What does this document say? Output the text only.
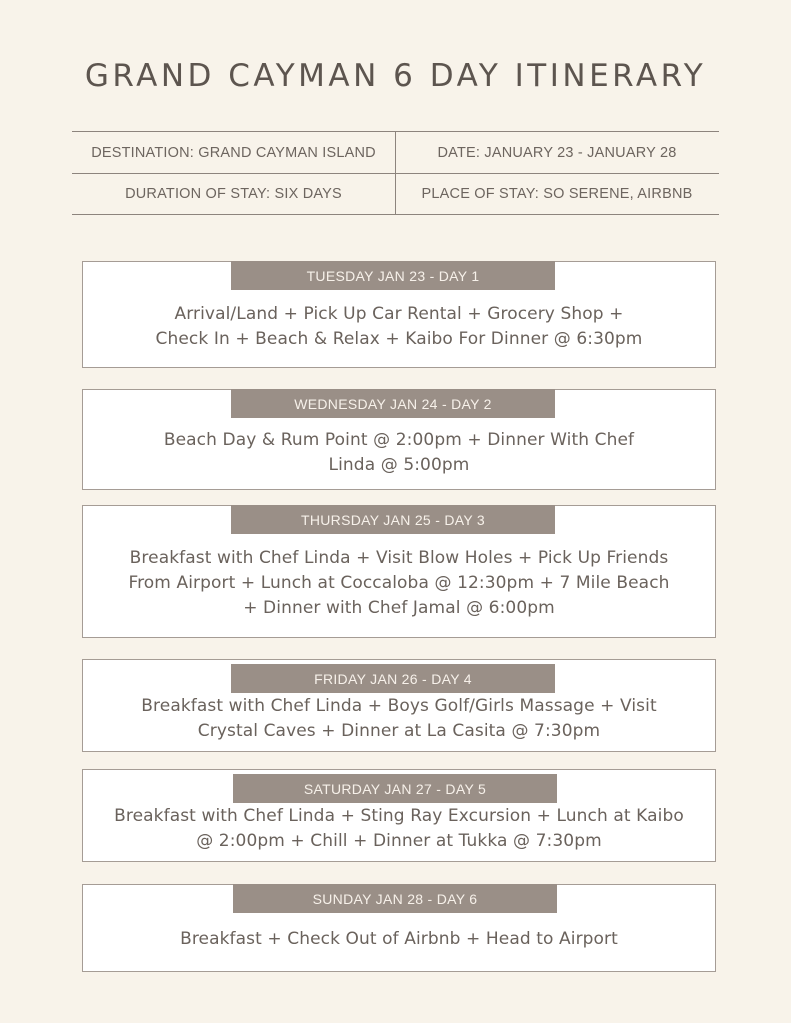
GRAND CAYMAN 6 DAY ITINERARY
DESTINATION: GRAND CAYMAN ISLAND	DATE: JANUARY 23 - JANUARY 28
DURATION OF STAY: SIX DAYS	PLACE OF STAY: SO SERENE, AIRBNB
TUESDAY JAN 23 - DAY 1
Arrival/Land + Pick Up Car Rental + Grocery Shop + Check In + Beach & Relax + Kaibo For Dinner @ 6:30pm
WEDNESDAY JAN 24 - DAY 2
Beach Day & Rum Point @ 2:00pm + Dinner With Chef Linda @ 5:00pm
THURSDAY JAN 25 - DAY 3
Breakfast with Chef Linda + Visit Blow Holes + Pick Up Friends From Airport + Lunch at Coccaloba @ 12:30pm + 7 Mile Beach + Dinner with Chef Jamal @ 6:00pm
FRIDAY JAN 26 - DAY 4
Breakfast with Chef Linda + Boys Golf/Girls Massage + Visit Crystal Caves + Dinner at La Casita @ 7:30pm
SATURDAY JAN 27 - DAY 5
Breakfast with Chef Linda + Sting Ray Excursion + Lunch at Kaibo @ 2:00pm + Chill + Dinner at Tukka @ 7:30pm
SUNDAY JAN 28 - DAY 6
Breakfast + Check Out of Airbnb + Head to Airport
